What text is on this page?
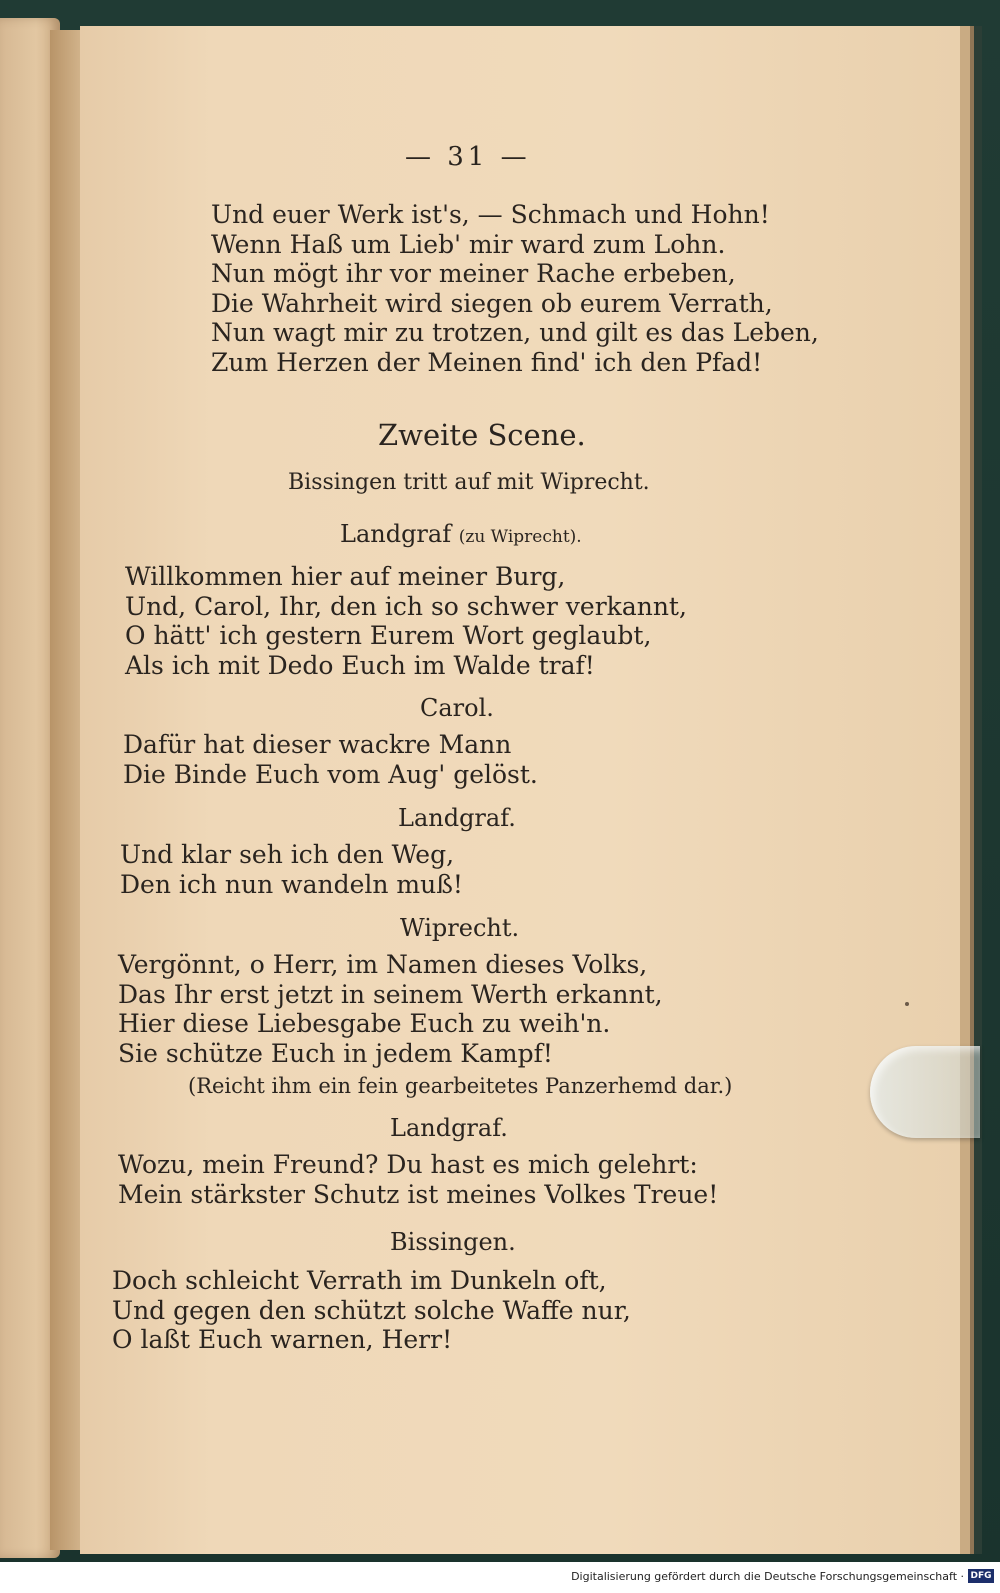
— 31 —
Und euer Werk ist's, — Schmach und Hohn!
Wenn Haß um Lieb' mir ward zum Lohn.
Nun mögt ihr vor meiner Rache erbeben,
Die Wahrheit wird siegen ob eurem Verrath,
Nun wagt mir zu trotzen, und gilt es das Leben,
Zum Herzen der Meinen find' ich den Pfad!
Zweite Scene.
Bissingen tritt auf mit Wiprecht.
Landgraf (zu Wiprecht).
Willkommen hier auf meiner Burg,
Und, Carol, Ihr, den ich so schwer verkannt,
O hätt' ich gestern Eurem Wort geglaubt,
Als ich mit Dedo Euch im Walde traf!
Carol.
Dafür hat dieser wackre Mann
Die Binde Euch vom Aug' gelöst.
Landgraf.
Und klar seh ich den Weg,
Den ich nun wandeln muß!
Wiprecht.
Vergönnt, o Herr, im Namen dieses Volks,
Das Ihr erst jetzt in seinem Werth erkannt,
Hier diese Liebesgabe Euch zu weih'n.
Sie schütze Euch in jedem Kampf!
(Reicht ihm ein fein gearbeitetes Panzerhemd dar.)
Landgraf.
Wozu, mein Freund? Du hast es mich gelehrt:
Mein stärkster Schutz ist meines Volkes Treue!
Bissingen.
Doch schleicht Verrath im Dunkeln oft,
Und gegen den schützt solche Waffe nur,
O laßt Euch warnen, Herr!
Digitalisierung gefördert durch die Deutsche Forschungsgemeinschaft · DFG
